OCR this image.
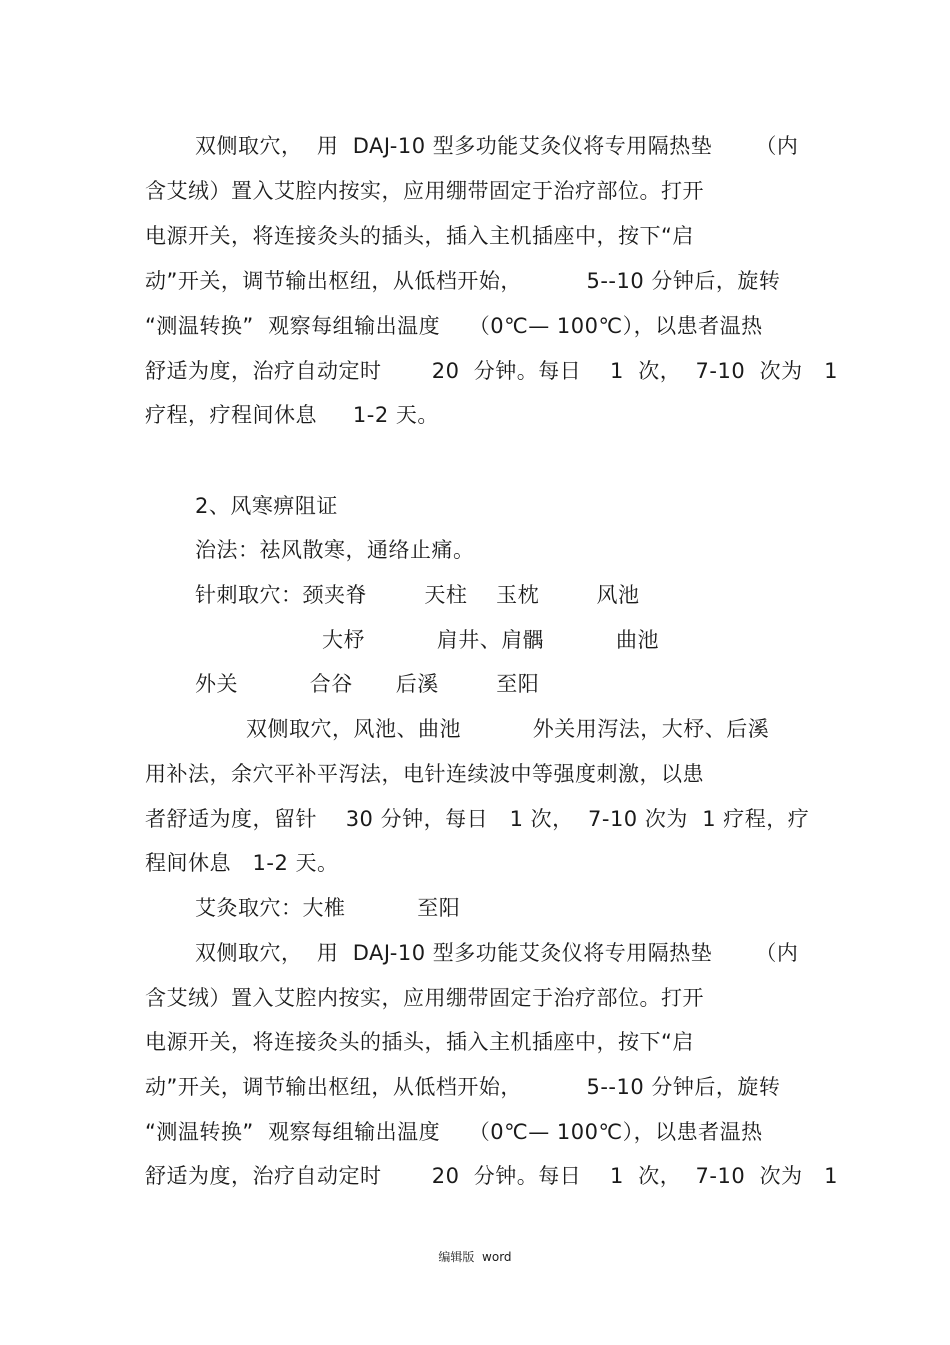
双侧取穴，  用  DAJ-10 型多功能艾灸仪将专用隔热垫      （内
含艾绒）置入艾腔内按实，应用绷带固定于治疗部位。打开
电源开关，将连接灸头的插头，插入主机插座中，按下“启
动”开关，调节输出枢纽，从低档开始，         5--10 分钟后，旋转
“测温转换”  观察每组输出温度    （0℃— 100℃），以患者温热
舒适为度，治疗自动定时       20  分钟。每日    1  次，  7-10  次为   1
疗程，疗程间休息     1-2 天。
2、风寒痹阻证
治法：祛风散寒，通络止痛。
针刺取穴：颈夹脊        天柱    玉枕        风池
大杼          肩井、肩髃          曲池
外关          合谷      后溪        至阳
双侧取穴，风池、曲池          外关用泻法，大杼、后溪
用补法，余穴平补平泻法，电针连续波中等强度刺激，以患
者舒适为度，留针    30 分钟，每日   1 次，  7-10 次为  1 疗程，疗
程间休息   1-2 天。
艾灸取穴：大椎          至阳
双侧取穴，  用  DAJ-10 型多功能艾灸仪将专用隔热垫      （内
含艾绒）置入艾腔内按实，应用绷带固定于治疗部位。打开
电源开关，将连接灸头的插头，插入主机插座中，按下“启
动”开关，调节输出枢纽，从低档开始，         5--10 分钟后，旋转
“测温转换”  观察每组输出温度    （0℃— 100℃），以患者温热
舒适为度，治疗自动定时       20  分钟。每日    1  次，  7-10  次为   1
编辑版  word
